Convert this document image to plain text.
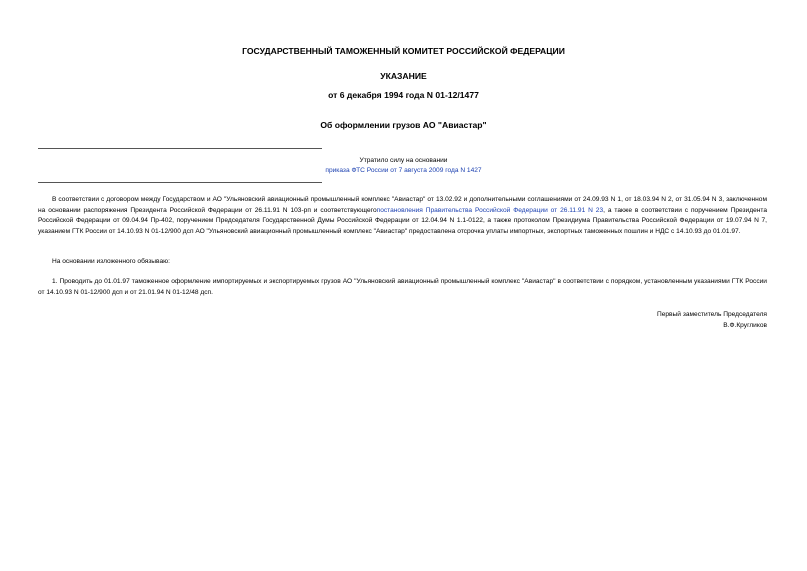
ГОСУДАРСТВЕННЫЙ ТАМОЖЕННЫЙ КОМИТЕТ РОССИЙСКОЙ ФЕДЕРАЦИИ
УКАЗАНИЕ
от 6 декабря 1994 года N 01-12/1477
Об оформлении грузов АО "Авиастар"
Утратило силу на основании
приказа ФТС России от 7 августа 2009 года N 1427
В соответствии с договором между Государством и АО "Ульяновский авиационный промышленный комплекс "Авиастар" от 13.02.92 и дополнительными соглашениями от 24.09.93 N 1, от 18.03.94 N 2, от 31.05.94 N 3, заключенном на основании распоряжения Президента Российской Федерации от 26.11.91 N 103-рп и соответствующегопостановления Правительства Российской Федерации от 26.11.91 N 23, а также в соответствии с поручением Президента Российской Федерации от 09.04.94 Пр-402, поручением Председателя Государственной Думы Российской Федерации от 12.04.94 N 1.1-0122, а также протоколом Президиума Правительства Российской Федерации от 19.07.94 N 7, указанием ГТК России от 14.10.93 N 01-12/900 дсп АО "Ульяновский авиационный промышленный комплекс "Авиастар" предоставлена отсрочка уплаты импортных, экспортных таможенных пошлин и НДС с 14.10.93 до 01.01.97.
На основании изложенного обязываю:
1. Проводить до 01.01.97 таможенное оформление импортируемых и экспортируемых грузов АО "Ульяновский авиационный промышленный комплекс "Авиастар" в соответствии с порядком, установленным указаниями ГТК России от 14.10.93 N 01-12/900 дсп и от 21.01.94 N 01-12/48 дсп.
Первый заместитель Председателя
В.Ф.Кругликов
